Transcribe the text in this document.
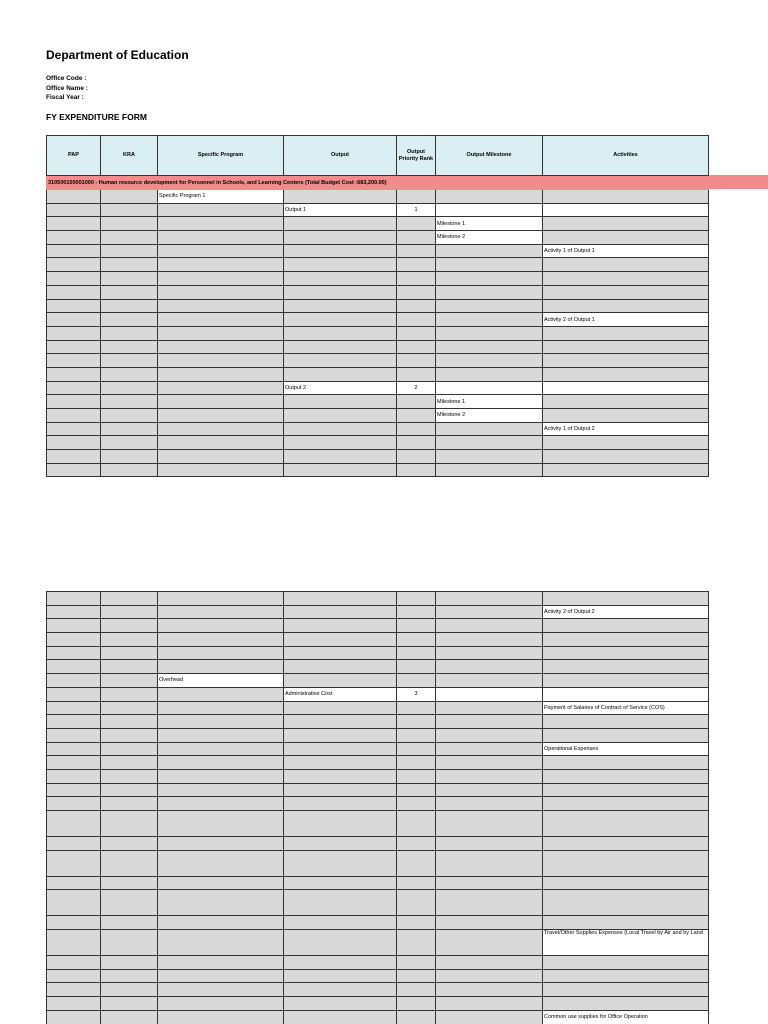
Department of Education
Office Code :
Office Name :
Fiscal Year :
FY EXPENDITURE FORM
PAP	KRA	Specific Program	Output	Output Priority Rank	Output Milestone	Activities
310500100001000 - Human resource development for Personnel in Schools, and Learning Centers (Total Budget Cost :683,200.00)						
		Specific Program 1				
			Output 1	1		
					Milestone 1	
					Milestone 2	
						Activity 1 of Output 1

						Activity 2 of Output 1

			Output 2	2		
					Milestone 1	
					Milestone 2	
						Activity 1 of Output 2

						Activity 2 of Output 2

		Overhead				
			Administrative Cost	3		
						Payment of Salaries of Contract of Service (COS)

						Operational Expenses

						Travel/Other Supplies Expenses (Local Travel by Air and by Land

						Common use supplies for Office Operation
